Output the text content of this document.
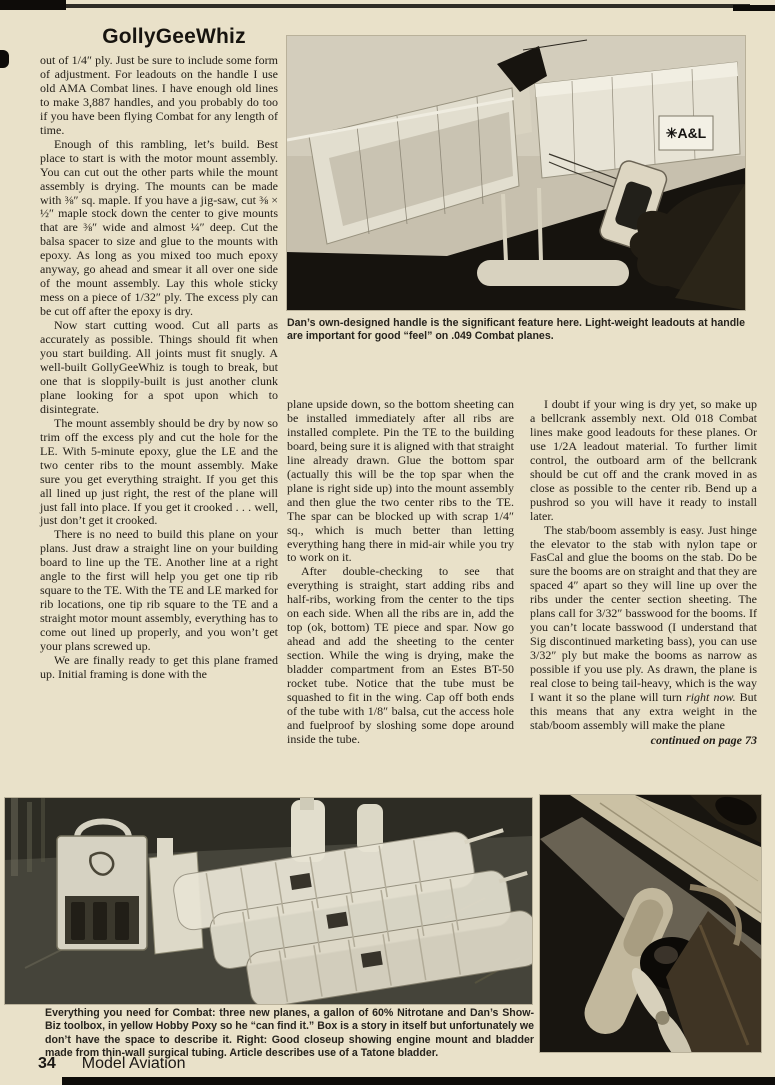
GollyGeeWhiz

out of 1/4″ ply. Just be sure to include some form of adjustment. For leadouts on the handle I use old AMA Combat lines. I have enough old lines to make 3,887 handles, and you probably do too if you have been flying Combat for any length of time.

Enough of this rambling, let’s build. Best place to start is with the motor mount assembly. You can cut out the other parts while the mount assembly is drying. The mounts can be made with ⅜″ sq. maple. If you have a jig-saw, cut ⅜ × ½″ maple stock down the center to give mounts that are ⅜″ wide and almost ¼″ deep. Cut the balsa spacer to size and glue to the mounts with epoxy. As long as you mixed too much epoxy anyway, go ahead and smear it all over one side of the mount assembly. Lay this whole sticky mess on a piece of 1/32″ ply. The excess ply can be cut off after the epoxy is dry.

Now start cutting wood. Cut all parts as accurately as possible. Things should fit when you start building. All joints must fit snugly. A well-built GollyGeeWhiz is tough to break, but one that is sloppily-built is just another clunk plane looking for a spot upon which to disintegrate.

The mount assembly should be dry by now so trim off the excess ply and cut the hole for the LE. With 5-minute epoxy, glue the LE and the two center ribs to the mount assembly. Make sure you get everything straight. If you get this all lined up just right, the rest of the plane will just fall into place. If you get it crooked . . . well, just don’t get it crooked.

There is no need to build this plane on your plans. Just draw a straight line on your building board to line up the TE. Another line at a right angle to the first will help you get one tip rib square to the TE. With the TE and LE marked for rib locations, one tip rib square to the TE and a straight motor mount assembly, everything has to come out lined up properly, and you won’t get your plans screwed up.

We are finally ready to get this plane framed up. Initial framing is done with the

✳A&L
Dan’s own-designed handle is the significant feature here. Light-weight leadouts at handle are important for good “feel” on .049 Combat planes.

plane upside down, so the bottom sheeting can be installed immediately after all ribs are installed complete. Pin the TE to the building board, being sure it is aligned with that straight line already drawn. Glue the bottom spar (actually this will be the top spar when the plane is right side up) into the mount assembly and then glue the two center ribs to the TE. The spar can be blocked up with scrap 1/4″ sq., which is much better than letting everything hang there in mid-air while you try to work on it.

After double-checking to see that everything is straight, start adding ribs and half-ribs, working from the center to the tips on each side. When all the ribs are in, add the top (ok, bottom) TE piece and spar. Now go ahead and add the sheeting to the center section. While the wing is drying, make the bladder compartment from an Estes BT-50 rocket tube. Notice that the tube must be squashed to fit in the wing. Cap off both ends of the tube with 1/8″ balsa, cut the access hole and fuelproof by sloshing some dope around inside the tube.

I doubt if your wing is dry yet, so make up a bellcrank assembly next. Old 018 Combat lines make good leadouts for these planes. Or use 1/2A leadout material. To further limit control, the outboard arm of the bellcrank should be cut off and the crank moved in as close as possible to the center rib. Bend up a pushrod so you will have it ready to install later.

The stab/boom assembly is easy. Just hinge the elevator to the stab with nylon tape or FasCal and glue the booms on the stab. Do be sure the booms are on straight and that they are spaced 4″ apart so they will line up over the ribs under the center section sheeting. The plans call for 3/32″ basswood for the booms. If you can’t locate basswood (I understand that Sig discontinued marketing bass), you can use 3/32″ ply but make the booms as narrow as possible if you use ply. As drawn, the plane is real close to being tail-heavy, which is the way I want it so the plane will turn right now. But this means that any extra weight in the stab/boom assembly will make the plane

continued on page 73
Everything you need for Combat: three new planes, a gallon of 60% Nitrotane and Dan’s Show-Biz toolbox, in yellow Hobby Poxy so he “can find it.” Box is a story in itself but unfortunately we don’t have the space to describe it. Right: Good closeup showing engine mount and bladder made from thin-wall surgical tubing. Article describes use of a Tatone bladder.
34 Model Aviation
